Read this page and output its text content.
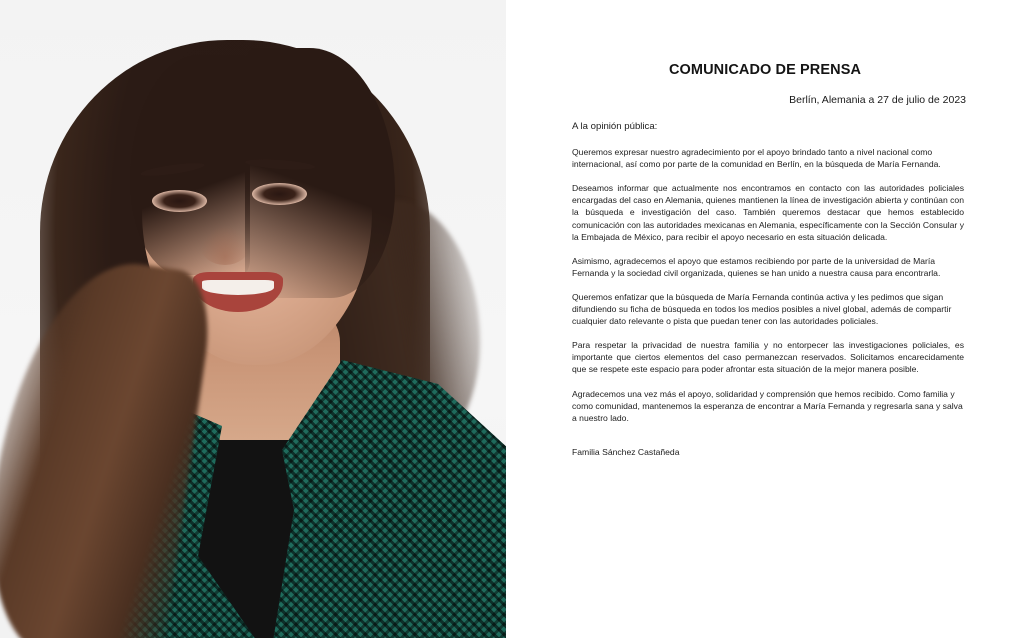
COMUNICADO DE PRENSA
Berlín, Alemania a 27 de julio de 2023

A la opinión pública:

Queremos expresar nuestro agradecimiento por el apoyo brindado tanto a nivel nacional como internacional, así como por parte de la comunidad en Berlín, en la búsqueda de María Fernanda.

Deseamos informar que actualmente nos encontramos en contacto con las autoridades policiales encargadas del caso en Alemania, quienes mantienen la línea de investigación abierta y continúan con la búsqueda e investigación del caso. También queremos destacar que hemos establecido comunicación con las autoridades mexicanas en Alemania, específicamente con la Sección Consular y la Embajada de México, para recibir el apoyo necesario en esta situación delicada.

Asimismo, agradecemos el apoyo que estamos recibiendo por parte de la universidad de María Fernanda y la sociedad civil organizada, quienes se han unido a nuestra causa para encontrarla.

Queremos enfatizar que la búsqueda de María Fernanda continúa activa y les pedimos que sigan difundiendo su ficha de búsqueda en todos los medios posibles a nivel global, además de compartir cualquier dato relevante o pista que puedan tener con las autoridades policiales.

Para respetar la privacidad de nuestra familia y no entorpecer las investigaciones policiales, es importante que ciertos elementos del caso permanezcan reservados. Solicitamos encarecidamente que se respete este espacio para poder afrontar esta situación de la mejor manera posible.

Agradecemos una vez más el apoyo, solidaridad y comprensión que hemos recibido. Como familia y como comunidad, mantenemos la esperanza de encontrar a María Fernanda y regresarla sana y salva a nuestro lado.

Familia Sánchez Castañeda
